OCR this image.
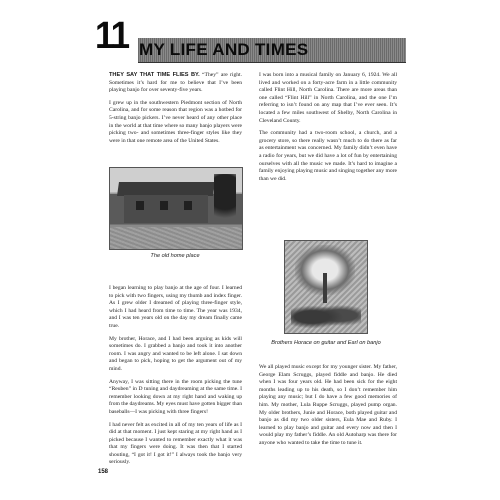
11 MY LIFE AND TIMES

THEY SAY THAT TIME FLIES BY. “They” are right. Sometimes it’s hard for me to believe that I’ve been playing banjo for over seventy-five years.

I grew up in the southwestern Piedmont section of North Carolina, and for some reason that region was a hotbed for 5-string banjo pickers. I’ve never heard of any other place in the world at that time where so many banjo players were picking two- and sometimes three-finger styles like they were in that one remote area of the United States.

I was born into a musical family on January 6, 1924. We all lived and worked on a forty-acre farm in a little community called Flint Hill, North Carolina. There are more areas than one called “Flint Hill” in North Carolina, and the one I’m referring to isn’t found on any map that I’ve ever seen. It’s located a few miles southwest of Shelby, North Carolina in Cleveland County.

The community had a two-room school, a church, and a grocery store, so there really wasn’t much to do there as far as entertainment was concerned. My family didn’t even have a radio for years, but we did have a lot of fun by entertaining ourselves with all the music we made. It’s hard to imagine a family enjoying playing music and singing together any more than we did.

The old home place
Brothers Horace on guitar and Earl on banjo

I began learning to play banjo at the age of four. I learned to pick with two fingers, using my thumb and index finger. As I grew older I dreamed of playing three-finger style, which I had heard from time to time. The year was 1934, and I was ten years old on the day my dream finally came true.

My brother, Horace, and I had been arguing as kids will sometimes do. I grabbed a banjo and took it into another room. I was angry and wanted to be left alone. I sat down and began to pick, hoping to get the argument out of my mind.

Anyway, I was sitting there in the room picking the tune “Reuben” in D tuning and daydreaming at the same time. I remember looking down at my right hand and waking up from the daydreams. My eyes must have gotten bigger than baseballs—I was picking with three fingers!

I had never felt as excited in all of my ten years of life as I did at that moment. I just kept staring at my right hand as I picked because I wanted to remember exactly what it was that my fingers were doing. It was then that I started shouting, “I got it! I got it!” I always took the banjo very seriously.

We all played music except for my younger sister. My father, George Elam Scruggs, played fiddle and banjo. He died when I was four years old. He had been sick for the eight months leading up to his death, so I don’t remember him playing any music; but I do have a few good memories of him. My mother, Lula Ruppe Scruggs, played pump organ. My older brothers, Junie and Horace, both played guitar and banjo as did my two older sisters, Eula Mae and Ruby. I learned to play banjo and guitar and every now and then I would play my father’s fiddle. An old Autoharp was there for anyone who wanted to take the time to tune it.

158
